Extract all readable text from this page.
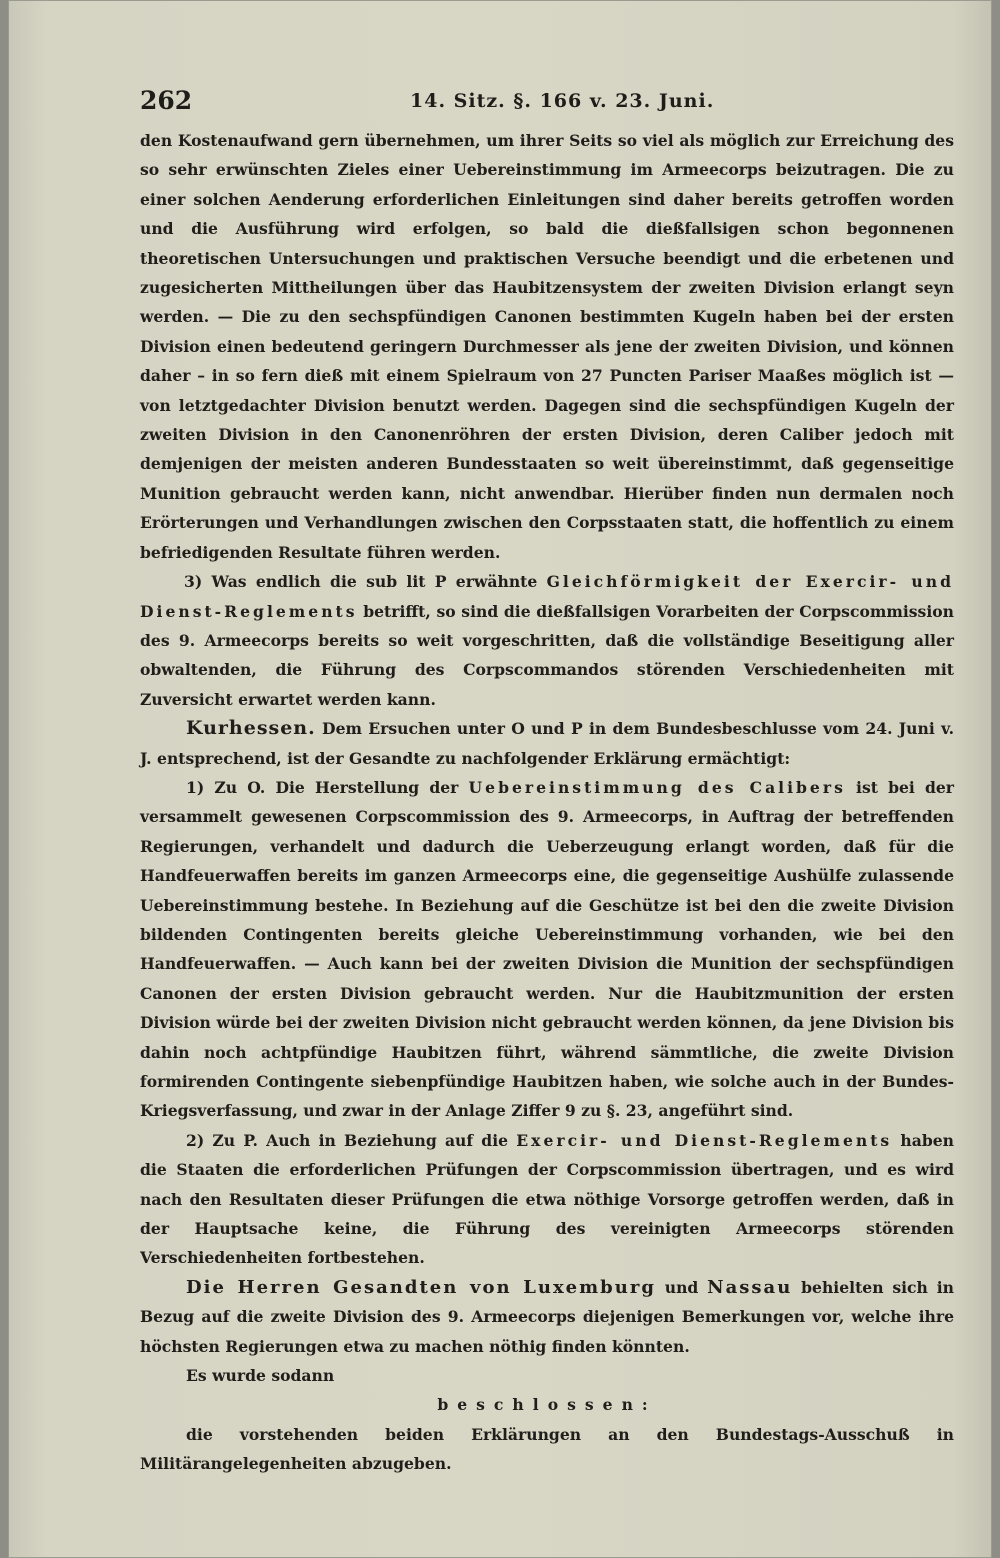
262	14. Sitz. §. 166 v. 23. Juni.

den Kostenaufwand gern übernehmen, um ihrer Seits so viel als möglich zur Erreichung des so sehr erwünschten Zieles einer Uebereinstimmung im Armeecorps beizutragen. Die zu einer solchen Aenderung erforderlichen Einleitungen sind daher bereits getroffen worden und die Ausführung wird erfolgen, so bald die dießfallsigen schon begonnenen theoretischen Untersuchungen und praktischen Versuche beendigt und die erbetenen und zugesicherten Mittheilungen über das Haubitzensystem der zweiten Division erlangt seyn werden. — Die zu den sechspfündigen Canonen bestimmten Kugeln haben bei der ersten Division einen bedeutend geringern Durchmesser als jene der zweiten Division, und können daher – in so fern dieß mit einem Spielraum von 27 Puncten Pariser Maaßes möglich ist — von letztgedachter Division benutzt werden. Dagegen sind die sechspfündigen Kugeln der zweiten Division in den Canonenröhren der ersten Division, deren Caliber jedoch mit demjenigen der meisten anderen Bundesstaaten so weit übereinstimmt, daß gegenseitige Munition gebraucht werden kann, nicht anwendbar. Hierüber finden nun dermalen noch Erörterungen und Verhandlungen zwischen den Corpsstaaten statt, die hoffentlich zu einem befriedigenden Resultate führen werden.

3) Was endlich die sub lit P erwähnte Gleichförmigkeit der Exercir- und Dienst-Reglements betrifft, so sind die dießfallsigen Vorarbeiten der Corpscommission des 9. Armeecorps bereits so weit vorgeschritten, daß die vollständige Beseitigung aller obwaltenden, die Führung des Corpscommandos störenden Verschiedenheiten mit Zuversicht erwartet werden kann.

Kurhessen. Dem Ersuchen unter O und P in dem Bundesbeschlusse vom 24. Juni v. J. entsprechend, ist der Gesandte zu nachfolgender Erklärung ermächtigt:

1) Zu O. Die Herstellung der Uebereinstimmung des Calibers ist bei der versammelt gewesenen Corpscommission des 9. Armeecorps, in Auftrag der betreffenden Regierungen, verhandelt und dadurch die Ueberzeugung erlangt worden, daß für die Handfeuerwaffen bereits im ganzen Armeecorps eine, die gegenseitige Aushülfe zulassende Uebereinstimmung bestehe. In Beziehung auf die Geschütze ist bei den die zweite Division bildenden Contingenten bereits gleiche Uebereinstimmung vorhanden, wie bei den Handfeuerwaffen. — Auch kann bei der zweiten Division die Munition der sechspfündigen Canonen der ersten Division gebraucht werden. Nur die Haubitzmunition der ersten Division würde bei der zweiten Division nicht gebraucht werden können, da jene Division bis dahin noch achtpfündige Haubitzen führt, während sämmtliche, die zweite Division formirenden Contingente siebenpfündige Haubitzen haben, wie solche auch in der Bundes-Kriegsverfassung, und zwar in der Anlage Ziffer 9 zu §. 23, angeführt sind.

2) Zu P. Auch in Beziehung auf die Exercir- und Dienst-Reglements haben die Staaten die erforderlichen Prüfungen der Corpscommission übertragen, und es wird nach den Resultaten dieser Prüfungen die etwa nöthige Vorsorge getroffen werden, daß in der Hauptsache keine, die Führung des vereinigten Armeecorps störenden Verschiedenheiten fortbestehen.

Die Herren Gesandten von Luxemburg und Nassau behielten sich in Bezug auf die zweite Division des 9. Armeecorps diejenigen Bemerkungen vor, welche ihre höchsten Regierungen etwa zu machen nöthig finden könnten.

Es wurde sodann

beschlossen:

die vorstehenden beiden Erklärungen an den Bundestags-Ausschuß in Militärangelegenheiten abzugeben.
